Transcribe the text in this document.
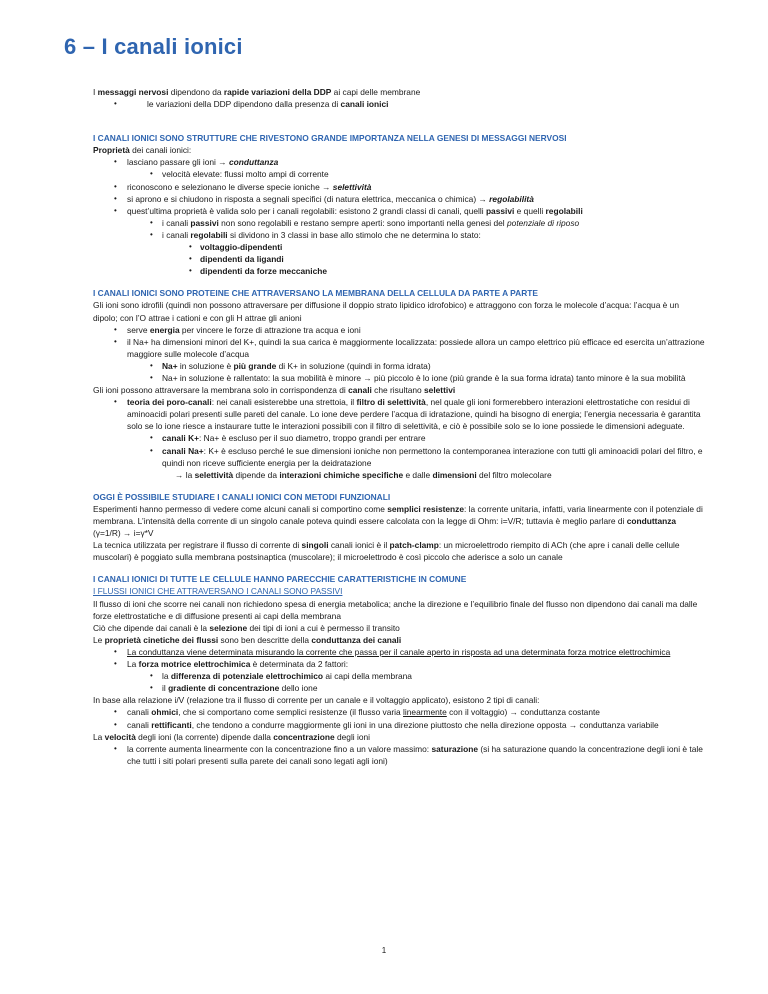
6 – I canali ionici

I messaggi nervosi dipendono da rapide variazioni della DDP ai capi delle membrane

•	le variazioni della DDP dipendono dalla presenza di canali ionici

I CANALI IONICI SONO STRUTTURE CHE RIVESTONO GRANDE IMPORTANZA NELLA GENESI DI MESSAGGI NERVOSI

Proprietà dei canali ionici:

• lasciano passare gli ioni → conduttanza
• velocità elevate: flussi molto ampi di corrente
• riconoscono e selezionano le diverse specie ioniche → selettività
• si aprono e si chiudono in risposta a segnali specifici (di natura elettrica, meccanica o chimica) → regolabilità
• quest’ultima proprietà è valida solo per i canali regolabili: esistono 2 grandi classi di canali, quelli passivi e quelli regolabili
• i canali passivi non sono regolabili e restano sempre aperti: sono importanti nella genesi del potenziale di riposo
• i canali regolabili si dividono in 3 classi in base allo stimolo che ne determina lo stato:
• voltaggio-dipendenti
• dipendenti da ligandi
• dipendenti da forze meccaniche

I CANALI IONICI SONO PROTEINE CHE ATTRAVERSANO LA MEMBRANA DELLA CELLULA DA PARTE A PARTE

Gli ioni sono idrofili (quindi non possono attraversare per diffusione il doppio strato lipidico idrofobico) e attraggono con forza le molecole d’acqua: l’acqua è un dipolo; con l’O attrae i cationi e con gli H attrae gli anioni

• serve energia per vincere le forze di attrazione tra acqua e ioni
• il Na+ ha dimensioni minori del K+, quindi la sua carica è maggiormente localizzata: possiede allora un campo elettrico più efficace ed esercita un’attrazione maggiore sulle molecole d’acqua
• Na+ in soluzione è più grande di K+ in soluzione (quindi in forma idrata)
• Na+ in soluzione è rallentato: la sua mobilità è minore → più piccolo è lo ione (più grande è la sua forma idrata) tanto minore è la sua mobilità

Gli ioni possono attraversare la membrana solo in corrispondenza di canali che risultano selettivi

• teoria dei poro-canali: nei canali esisterebbe una strettoia, il filtro di selettività, nel quale gli ioni formerebbero interazioni elettrostatiche con residui di aminoacidi polari presenti sulle pareti del canale. Lo ione deve perdere l’acqua di idratazione, quindi ha bisogno di energia; l’energia necessaria è garantita solo se lo ione riesce a instaurare tutte le interazioni possibili con il filtro di selettività, e ciò è possibile solo se lo ione possiede le dimensioni adeguate.
• canali K+: Na+ è escluso per il suo diametro, troppo grandi per entrare
• canali Na+: K+ è escluso perché le sue dimensioni ioniche non permettono la contemporanea interazione con tutti gli aminoacidi polari del filtro, e quindi non riceve sufficiente energia per la deidratazione

→ la selettività dipende da interazioni chimiche specifiche e dalle dimensioni del filtro molecolare

OGGI È POSSIBILE STUDIARE I CANALI IONICI CON METODI FUNZIONALI

Esperimenti hanno permesso di vedere come alcuni canali si comportino come semplici resistenze: la corrente unitaria, infatti, varia linearmente con il potenziale di membrana. L’intensità della corrente di un singolo canale poteva quindi essere calcolata con la legge di Ohm: i=V/R; tuttavia è meglio parlare di conduttanza (γ=1/R) → i=γ*V

La tecnica utilizzata per registrare il flusso di corrente di singoli canali ionici è il patch-clamp: un microelettrodo riempito di ACh (che apre i canali delle cellule muscolari) è poggiato sulla membrana postsinaptica (muscolare); il microelettrodo è così piccolo che aderisce a solo un canale

I CANALI IONICI DI TUTTE LE CELLULE HANNO PARECCHIE CARATTERISTICHE IN COMUNE

I FLUSSI IONICI CHE ATTRAVERSANO I CANALI SONO PASSIVI

Il flusso di ioni che scorre nei canali non richiedono spesa di energia metabolica; anche la direzione e l’equilibrio finale del flusso non dipendono dai canali ma dalle forze elettrostatiche e di diffusione presenti ai capi della membrana

Ciò che dipende dai canali è la selezione dei tipi di ioni a cui è permesso il transito

Le proprietà cinetiche dei flussi sono ben descritte della conduttanza dei canali

• La conduttanza viene determinata misurando la corrente che passa per il canale aperto in risposta ad una determinata forza motrice elettrochimica
• La forza motrice elettrochimica è determinata da 2 fattori:
• la differenza di potenziale elettrochimico ai capi della membrana
• il gradiente di concentrazione dello ione

In base alla relazione i/V (relazione tra il flusso di corrente per un canale e il voltaggio applicato), esistono 2 tipi di canali:

• canali ohmici, che si comportano come semplici resistenze (il flusso varia linearmente con il voltaggio) → conduttanza costante
• canali rettificanti, che tendono a condurre maggiormente gli ioni in una direzione piuttosto che nella direzione opposta → conduttanza variabile

La velocità degli ioni (la corrente) dipende dalla concentrazione degli ioni

• la corrente aumenta linearmente con la concentrazione fino a un valore massimo: saturazione (si ha saturazione quando la concentrazione degli ioni è tale che tutti i siti polari presenti sulla parete dei canali sono legati agli ioni)
1
